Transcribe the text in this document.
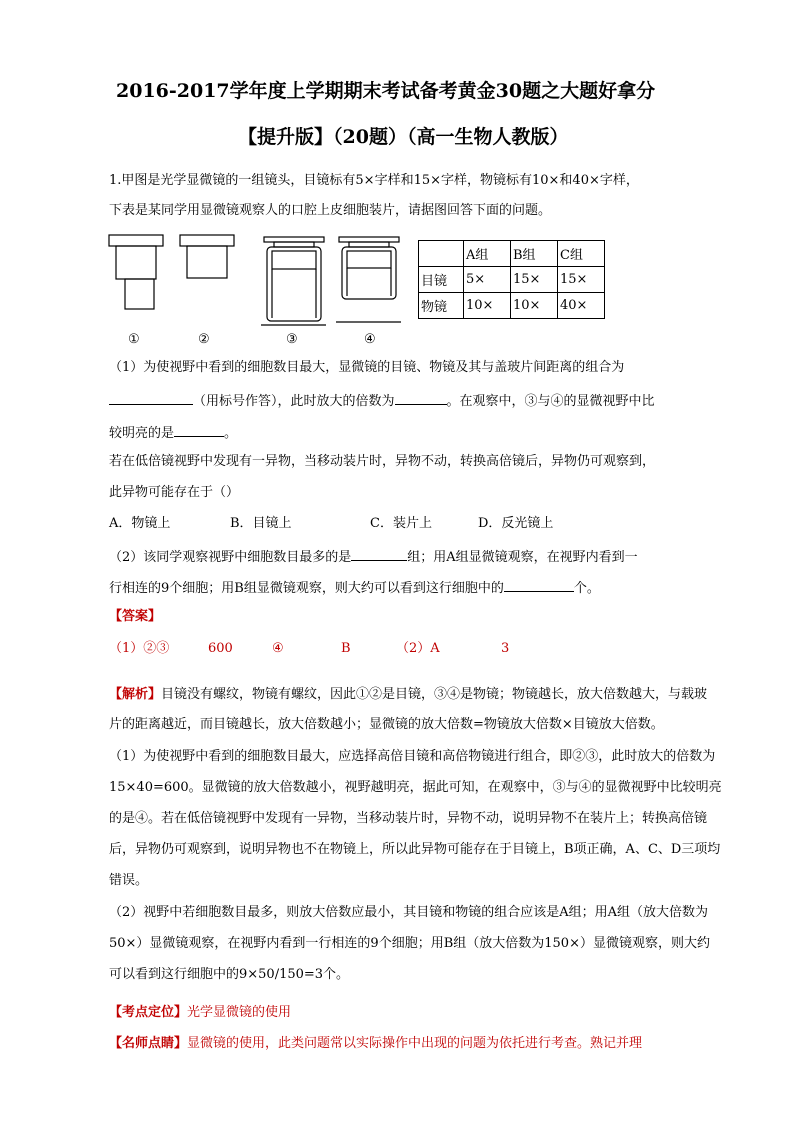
2016-2017学年度上学期期末考试备考黄金30题之大题好拿分
【提升版】（20题）（高一生物人教版）
1.甲图是光学显微镜的一组镜头，目镜标有5×字样和15×字样，物镜标有10×和40×字样，
下表是某同学用显微镜观察人的口腔上皮细胞装片，请据图回答下面的问题。
①	②	③	④
	A组	B组	C组
目镜	5×	15×	15×
物镜	10×	10×	40×
（1）为使视野中看到的细胞数目最大，显微镜的目镜、物镜及其与盖玻片间距离的组合为
（用标号作答），此时放大的倍数为	。在观察中，③与④的显微视野中比
较明亮的是	。
若在低倍镜视野中发现有一异物，当移动装片时，异物不动，转换高倍镜后，异物仍可观察到，
此异物可能存在于（）
A．物镜上	B．目镜上	C．装片上	D．反光镜上
（2）该同学观察视野中细胞数目最多的是	组；用A组显微镜观察，在视野内看到一
行相连的9个细胞；用B组显微镜观察，则大约可以看到这行细胞中的	个。
【答案】
（1）②③	600	④	B	（2）A	3
【解析】目镜没有螺纹，物镜有螺纹，因此①②是目镜，③④是物镜；物镜越长，放大倍数越大，与载玻
片的距离越近，而目镜越长，放大倍数越小；显微镜的放大倍数=物镜放大倍数×目镜放大倍数。
（1）为使视野中看到的细胞数目最大，应选择高倍目镜和高倍物镜进行组合，即②③，此时放大的倍数为
15×40=600。显微镜的放大倍数越小，视野越明亮，据此可知，在观察中，③与④的显微视野中比较明亮
的是④。若在低倍镜视野中发现有一异物，当移动装片时，异物不动，说明异物不在装片上；转换高倍镜
后，异物仍可观察到，说明异物也不在物镜上，所以此异物可能存在于目镜上，B项正确，A、C、D三项均
错误。
（2）视野中若细胞数目最多，则放大倍数应最小，其目镜和物镜的组合应该是A组；用A组（放大倍数为
50×）显微镜观察，在视野内看到一行相连的9个细胞；用B组（放大倍数为150×）显微镜观察，则大约
可以看到这行细胞中的9×50/150=3个。
【考点定位】光学显微镜的使用
【名师点睛】显微镜的使用，此类问题常以实际操作中出现的问题为依托进行考查。熟记并理
